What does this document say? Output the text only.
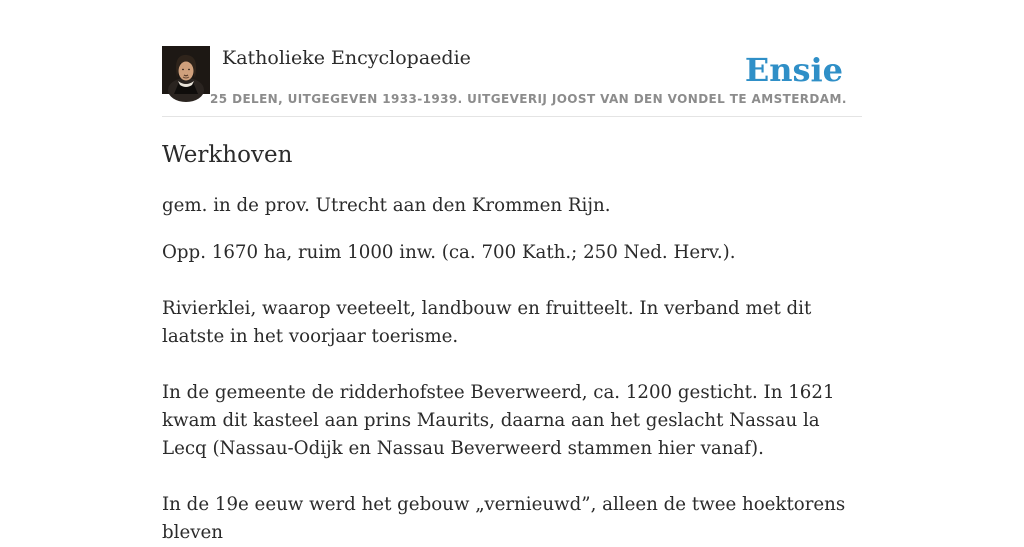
Katholieke Encyclopaedie
25 DELEN, UITGEGEVEN 1933-1939. UITGEVERIJ JOOST VAN DEN VONDEL TE AMSTERDAM.
Ensie
Werkhoven

gem. in de prov. Utrecht aan den Krommen Rijn.

Opp. 1670 ha, ruim 1000 inw. (ca. 700 Kath.; 250 Ned. Herv.).

Rivierklei, waarop veeteelt, landbouw en fruitteelt. In verband met dit laatste in het voorjaar toerisme.

In de gemeente de ridderhofstee Beverweerd, ca. 1200 gesticht. In 1621 kwam dit kasteel aan prins Maurits, daarna aan het geslacht Nassau la Lecq (Nassau-Odijk en Nassau Beverweerd stammen hier vanaf).

In de 19e eeuw werd het gebouw „vernieuwd”, alleen de twee hoektorens bleven
